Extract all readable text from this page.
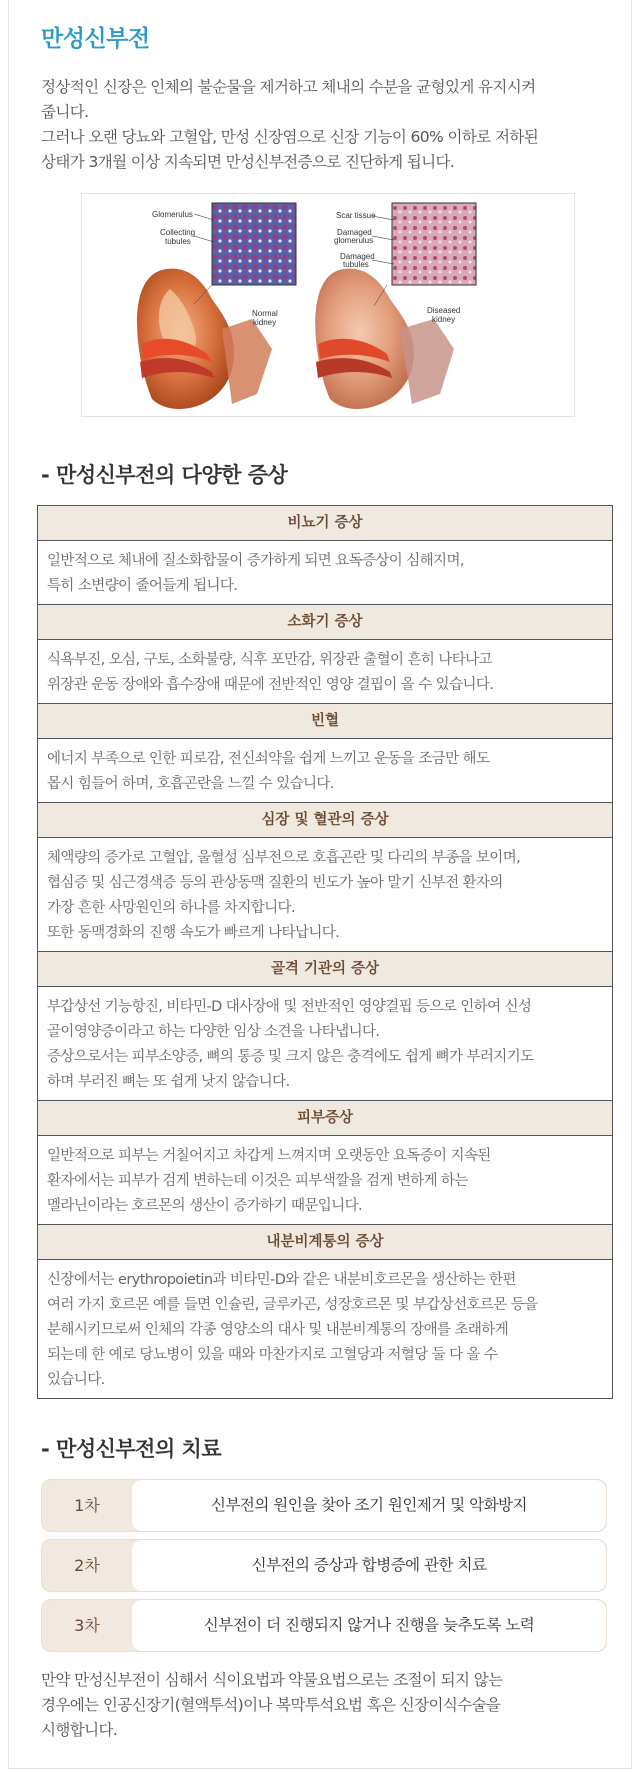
만성신부전

정상적인 신장은 인체의 불순물을 제거하고 체내의 수분을 균형있게 유지시켜

줍니다.

그러나 오랜 당뇨와 고혈압, 만성 신장염으로 신장 기능이 60% 이하로 저하된

상태가 3개월 이상 지속되면 만성신부전증으로 진단하게 됩니다.

Glomerulus
Collecting
tubules
Normal
kidney
Scar tissue
Damaged
glomerulus
Damaged
tubules
Diseased
kidney
- 만성신부전의 다양한 증상
비뇨기 증상
일반적으로 체내에 질소화합물이 증가하게 되면 요독증상이 심해지며,
특히 소변량이 줄어들게 됩니다.
소화기 증상
식욕부진, 오심, 구토, 소화불량, 식후 포만감, 위장관 출혈이 흔히 나타나고
위장관 운동 장애와 흡수장애 때문에 전반적인 영양 결핍이 올 수 있습니다.
빈혈
에너지 부족으로 인한 피로감, 전신쇠약을 쉽게 느끼고 운동을 조금만 해도
몹시 힘들어 하며, 호흡곤란을 느낄 수 있습니다.
심장 및 혈관의 증상
체액량의 증가로 고혈압, 울혈성 심부전으로 호흡곤란 및 다리의 부종을 보이며,
협심증 및 심근경색증 등의 관상동맥 질환의 빈도가 높아 말기 신부전 환자의
가장 흔한 사망원인의 하나를 차지합니다.
또한 동맥경화의 진행 속도가 빠르게 나타납니다.
골격 기관의 증상
부갑상선 기능항진, 비타민-D 대사장애 및 전반적인 영양결핍 등으로 인하여 신성
골이영양증이라고 하는 다양한 임상 소견을 나타냅니다.
증상으로서는 피부소양증, 뼈의 통증 및 크지 않은 충격에도 쉽게 뼈가 부러지기도
하며 부러진 뼈는 또 쉽게 낫지 않습니다.
피부증상
일반적으로 피부는 거칠어지고 차갑게 느껴지며 오랫동안 요독증이 지속된
환자에서는 피부가 검게 변하는데 이것은 피부색깔을 검게 변하게 하는
멜라닌이라는 호르몬의 생산이 증가하기 때문입니다.
내분비계통의 증상
신장에서는 erythropoietin과 비타민-D와 같은 내분비호르몬을 생산하는 한편
여러 가지 호르몬 예를 들면 인슐린, 글루카곤, 성장호르몬 및 부갑상선호르몬 등을
분해시키므로써 인체의 각종 영양소의 대사 및 내분비계통의 장애를 초래하게
되는데 한 예로 당뇨병이 있을 때와 마찬가지로 고혈당과 저혈당 둘 다 올 수
있습니다.
- 만성신부전의 치료
1차	신부전의 원인을 찾아 조기 원인제거 및 악화방지
2차	신부전의 증상과 합병증에 관한 치료
3차	신부전이 더 진행되지 않거나 진행을 늦추도록 노력
만약 만성신부전이 심해서 식이요법과 약물요법으로는 조절이 되지 않는
경우에는 인공신장기(혈액투석)이나 복막투석요법 혹은 신장이식수술을
시행합니다.
